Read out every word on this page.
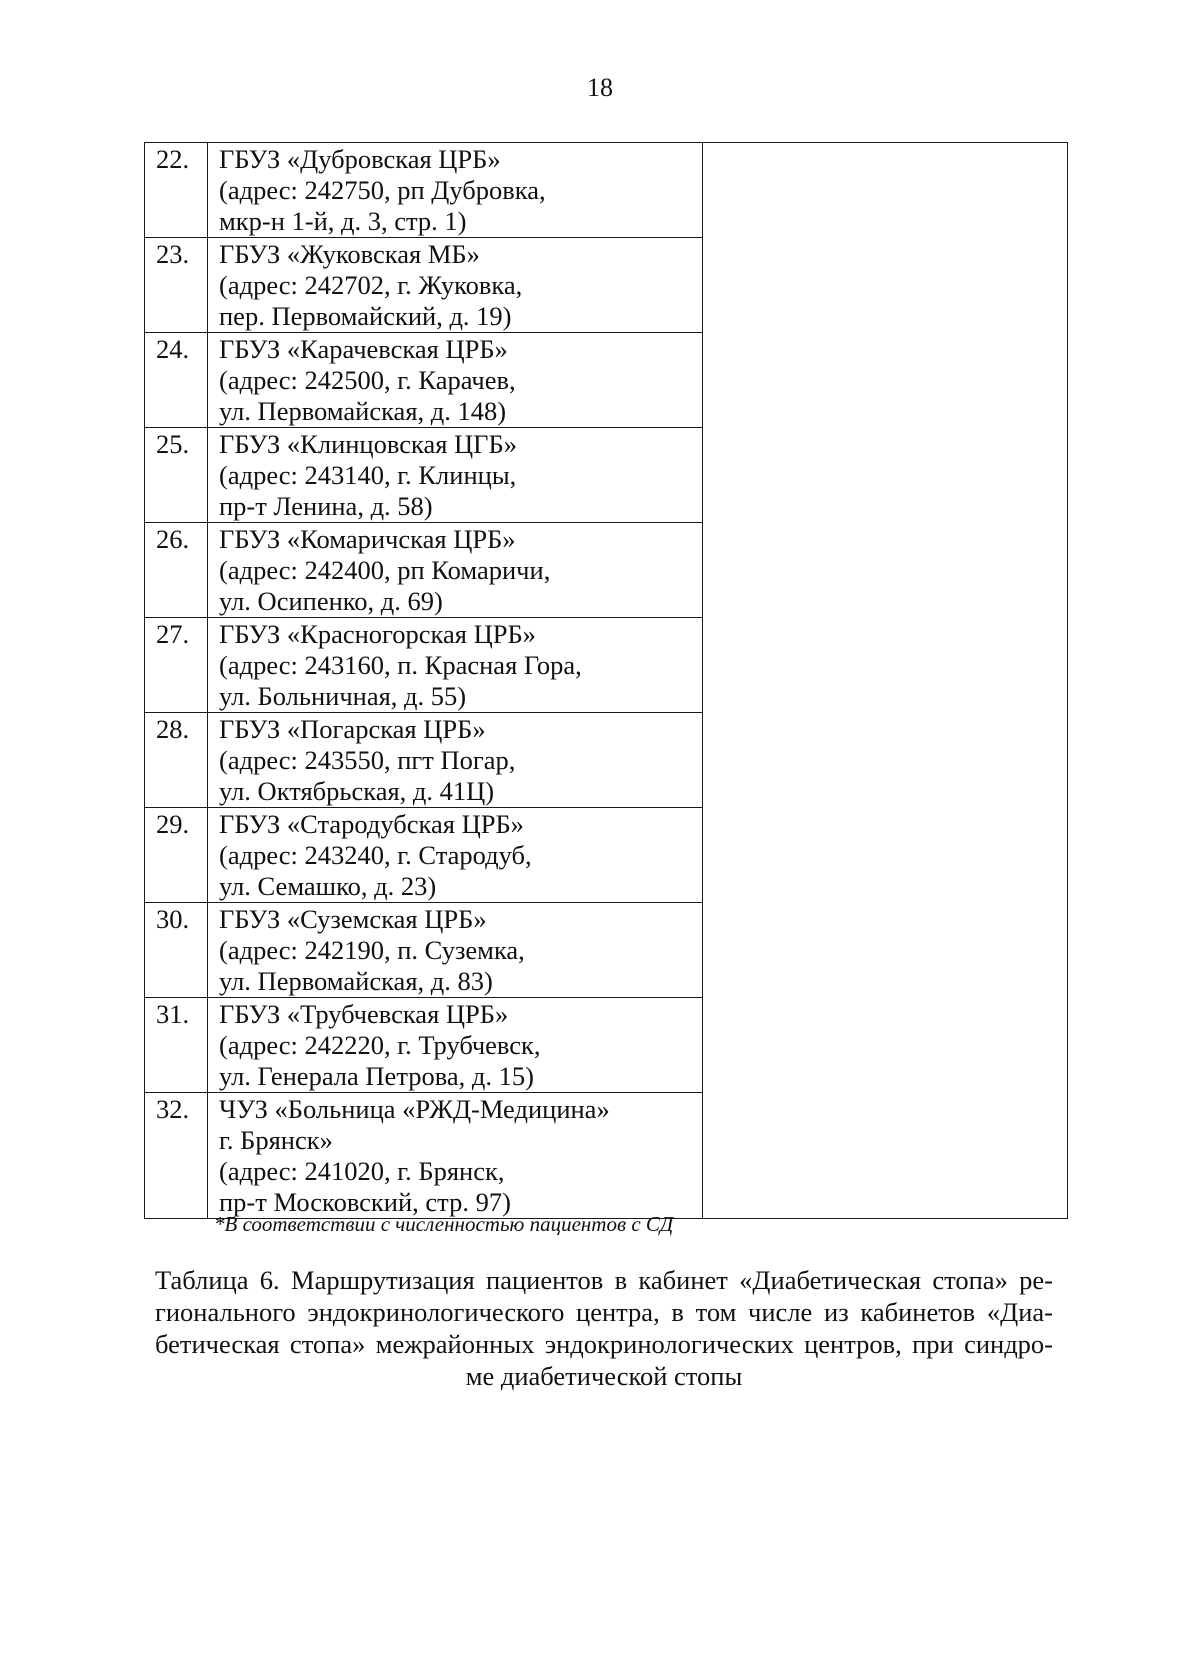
18
22.	ГБУЗ «Дубровская ЦРБ»
(адрес: 242750, рп Дубровка,
мкр-н 1-й, д. 3, стр. 1)	

23.	ГБУЗ «Жуковская МБ»
(адрес: 242702, г. Жуковка,
пер. Первомайский, д. 19)	

24.	ГБУЗ «Карачевская ЦРБ»
(адрес: 242500, г. Карачев,
ул. Первомайская, д. 148)	

25.	ГБУЗ «Клинцовская ЦГБ»
(адрес: 243140, г. Клинцы,
пр-т Ленина, д. 58)	

26.	ГБУЗ «Комаричская ЦРБ»
(адрес: 242400, рп Комаричи,
ул. Осипенко, д. 69)	

27.	ГБУЗ «Красногорская ЦРБ»
(адрес: 243160, п. Красная Гора,
ул. Больничная, д. 55)	

28.	ГБУЗ «Погарская ЦРБ»
(адрес: 243550, пгт Погар,
ул. Октябрьская, д. 41Ц)	

29.	ГБУЗ «Стародубская ЦРБ»
(адрес: 243240, г. Стародуб,
ул. Семашко, д. 23)	

30.	ГБУЗ «Суземская ЦРБ»
(адрес: 242190, п. Суземка,
ул. Первомайская, д. 83)	

31.	ГБУЗ «Трубчевская ЦРБ»
(адрес: 242220, г. Трубчевск,
ул. Генерала Петрова, д. 15)	

32.	ЧУЗ «Больница «РЖД-Медицина»
г. Брянск»
(адрес: 241020, г. Брянск,
пр-т Московский, стр. 97)	
*В соответствии с численностью пациентов с СД
Таблица 6. Маршрутизация пациентов в кабинет «Диабетическая стопа» ре-
гионального эндокринологического центра, в том числе из кабинетов «Диа-
бетическая стопа» межрайонных эндокринологических центров, при синдро-
ме диабетической стопы
